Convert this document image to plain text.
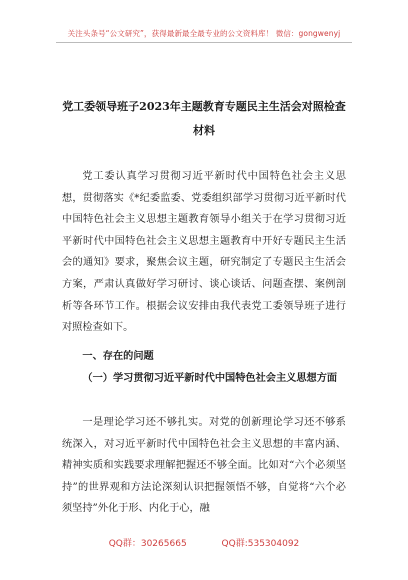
关注头条号“公文研究”，获得最新最全最专业的公文资料库！ 微信：gongwenyj
党工委领导班子2023年主题教育专题民主生活会对照检查
材料
党工委认真学习贯彻习近平新时代中国特色社会主义思想，贯彻落实《*纪委监委、党委组织部学习贯彻习近平新时代中国特色社会主义思想主题教育领导小组关于在学习贯彻习近平新时代中国特色社会主义思想主题教育中开好专题民主生活会的通知》要求，聚焦会议主题，研究制定了专题民主生活会方案，严肃认真做好学习研讨、谈心谈话、问题查摆、案例剖析等各环节工作。根据会议安排由我代表党工委领导班子进行对照检查如下。
一、存在的问题
（一）学习贯彻习近平新时代中国特色社会主义思想方面
一是理论学习还不够扎实。对党的创新理论学习还不够系统深入，对习近平新时代中国特色社会主义思想的丰富内涵、精神实质和实践要求理解把握还不够全面。比如对“六个必须坚持”的世界观和方法论深刻认识把握领悟不够，自觉将“六个必须坚持”外化于形、内化于心，融
QQ群：30265665	QQ群:535304092
